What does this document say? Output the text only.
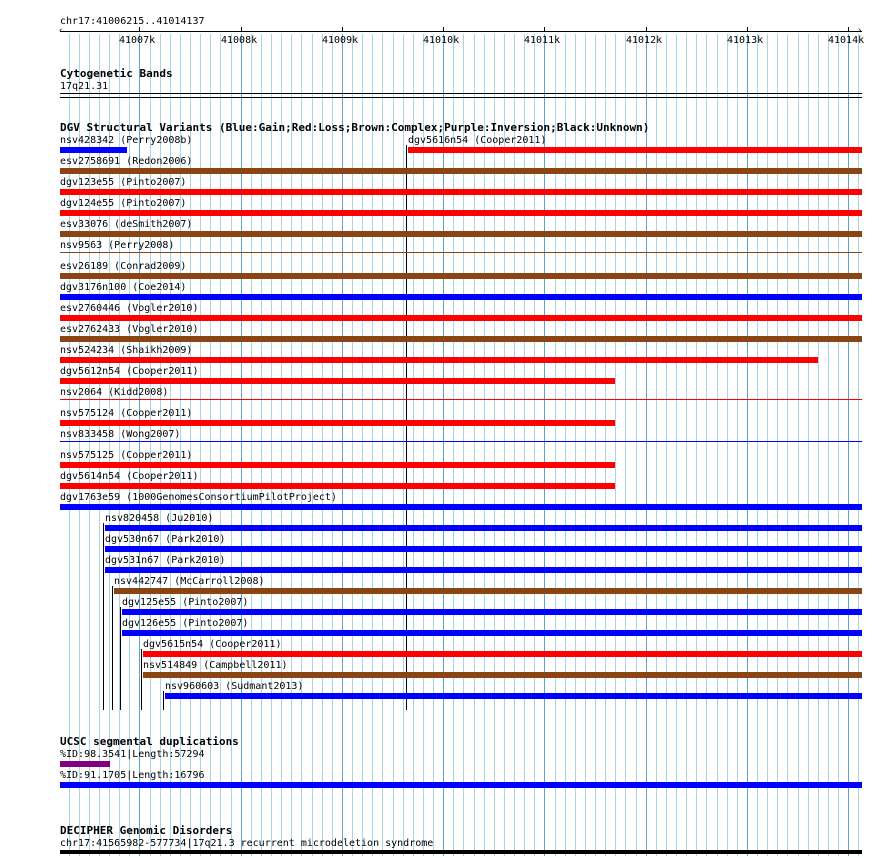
chr17:41006215..41014137
‹	›
41007k	41008k	41009k	41010k	41011k	41012k	41013k	41014k
Cytogenetic Bands
17q21.31
DGV Structural Variants (Blue:Gain;Red:Loss;Brown:Complex;Purple:Inversion;Black:Unknown)
nsv428342 (Perry2008b)	dgv5616n54 (Cooper2011)
esv2758691 (Redon2006)
dgv123e55 (Pinto2007)
dgv124e55 (Pinto2007)
esv33076 (deSmith2007)
nsv9563 (Perry2008)
esv26189 (Conrad2009)
dgv3176n100 (Coe2014)
esv2760446 (Vogler2010)
esv2762433 (Vogler2010)
nsv524234 (Shaikh2009)
dgv5612n54 (Cooper2011)
nsv2064 (Kidd2008)
nsv575124 (Cooper2011)
nsv833458 (Wong2007)
nsv575125 (Cooper2011)
dgv5614n54 (Cooper2011)
dgv1763e59 (1000GenomesConsortiumPilotProject)
nsv820458 (Ju2010)
dgv530n67 (Park2010)
dgv531n67 (Park2010)
nsv442747 (McCarroll2008)
dgv125e55 (Pinto2007)
dgv126e55 (Pinto2007)
dgv5615n54 (Cooper2011)
nsv514849 (Campbell2011)
nsv960603 (Sudmant2013)
UCSC segmental duplications
%ID:98.3541|Length:57294
%ID:91.1705|Length:16796
DECIPHER Genomic Disorders
chr17:41565982-577734|17q21.3 recurrent microdeletion syndrome
